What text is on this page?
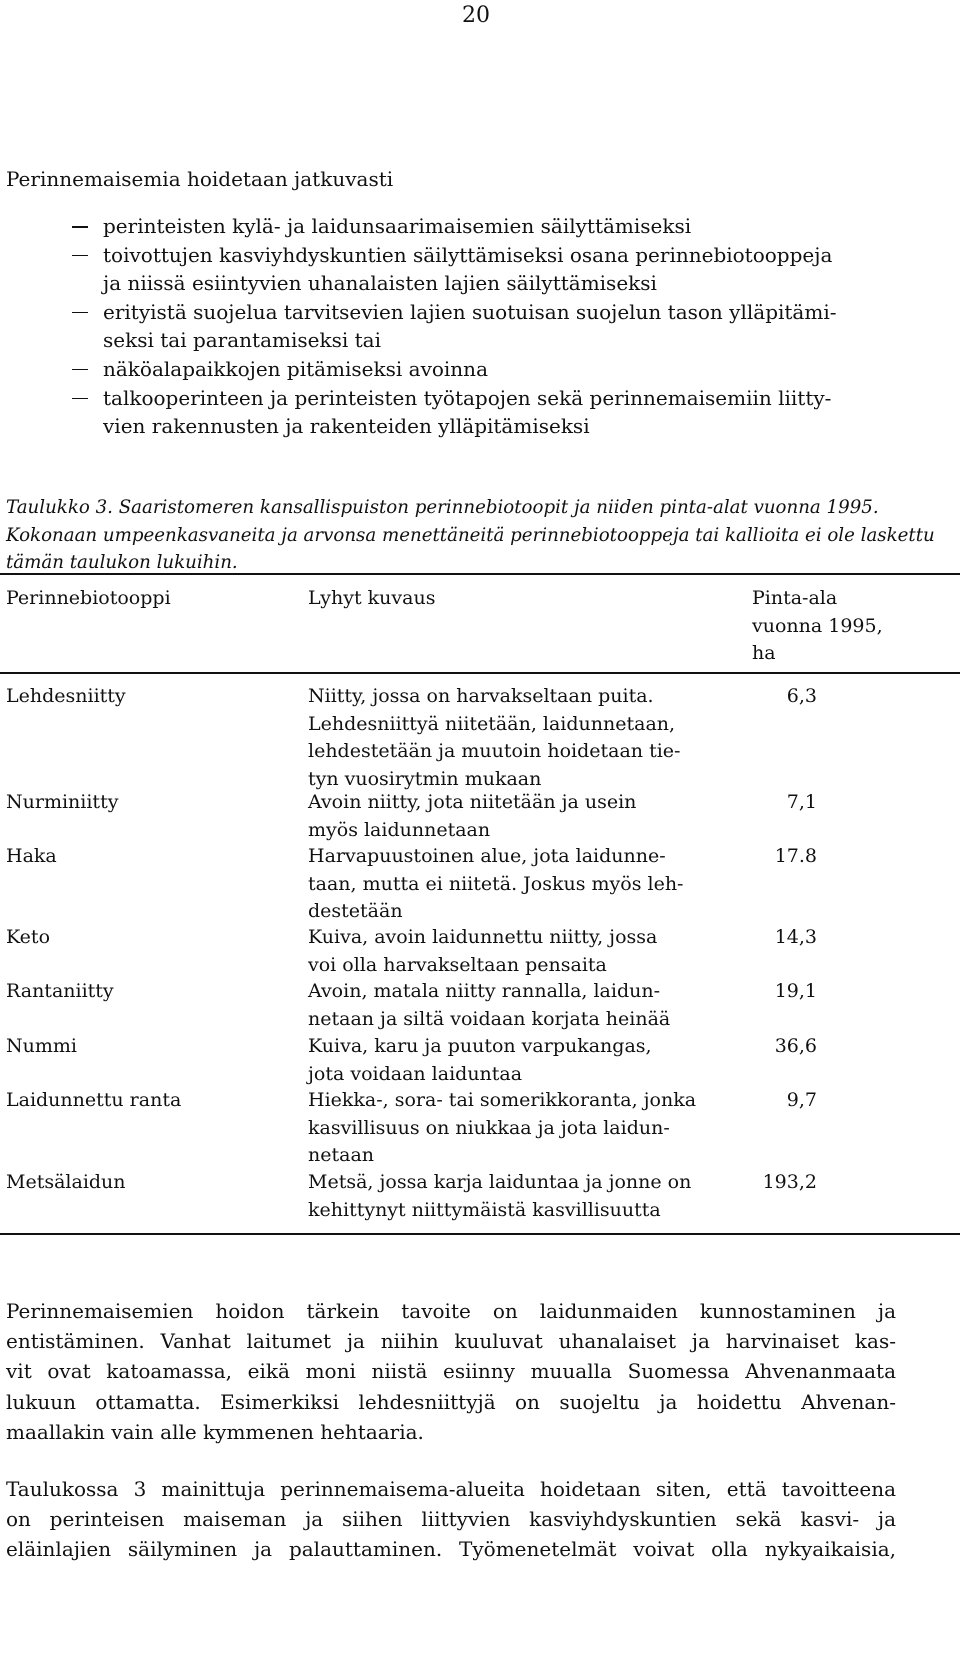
20
Perinnemaisemia hoidetaan jatkuvasti
perinteisten kylä- ja laidunsaarimaisemien säilyttämiseksi
toivottujen kasviyhdyskuntien säilyttämiseksi osana perinnebiotooppeja
ja niissä esiintyvien uhanalaisten lajien säilyttämiseksi
erityistä suojelua tarvitsevien lajien suotuisan suojelun tason ylläpitämi-
seksi tai parantamiseksi tai
näköalapaikkojen pitämiseksi avoinna
talkooperinteen ja perinteisten työtapojen sekä perinnemaisemiin liitty-
vien rakennusten ja rakenteiden ylläpitämiseksi
Taulukko 3. Saaristomeren kansallispuiston perinnebiotoopit ja niiden pinta-alat vuonna 1995.
Kokonaan umpeenkasvaneita ja arvonsa menettäneitä perinnebiotooppeja tai kallioita ei ole laskettu
tämän taulukon lukuihin.
Perinnebiotooppi	Lyhyt kuvaus	Pinta-ala
vuonna 1995,
ha
Lehdesniitty	Niitty, jossa on harvakseltaan puita.
Lehdesniittyä niitetään, laidunnetaan,
lehdestetään ja muutoin hoidetaan tie-
tyn vuosirytmin mukaan
6,3
Nurminiitty	Avoin niitty, jota niitetään ja usein
myös laidunnetaan
7,1
Haka	Harvapuustoinen alue, jota laidunne-
taan, mutta ei niitetä. Joskus myös leh-
destetään
17.8
Keto	Kuiva, avoin laidunnettu niitty, jossa
voi olla harvakseltaan pensaita
14,3
Rantaniitty	Avoin, matala niitty rannalla, laidun-
netaan ja siltä voidaan korjata heinää
19,1
Nummi	Kuiva, karu ja puuton varpukangas,
jota voidaan laiduntaa
36,6
Laidunnettu ranta	Hiekka-, sora- tai somerikkoranta, jonka
kasvillisuus on niukkaa ja jota laidun-
netaan
9,7
Metsälaidun	Metsä, jossa karja laiduntaa ja jonne on
kehittynyt niittymäistä kasvillisuutta
193,2
Perinnemaisemien hoidon tärkein tavoite on laidunmaiden kunnostaminen ja
entistäminen. Vanhat laitumet ja niihin kuuluvat uhanalaiset ja harvinaiset kas-
vit ovat katoamassa, eikä moni niistä esiinny muualla Suomessa Ahvenanmaata
lukuun ottamatta. Esimerkiksi lehdesniittyjä on suojeltu ja hoidettu Ahvenan-
maallakin vain alle kymmenen hehtaaria.
Taulukossa 3 mainittuja perinnemaisema-alueita hoidetaan siten, että tavoitteena
on perinteisen maiseman ja siihen liittyvien kasviyhdyskuntien sekä kasvi- ja
eläinlajien säilyminen ja palauttaminen. Työmenetelmät voivat olla nykyaikaisia,
